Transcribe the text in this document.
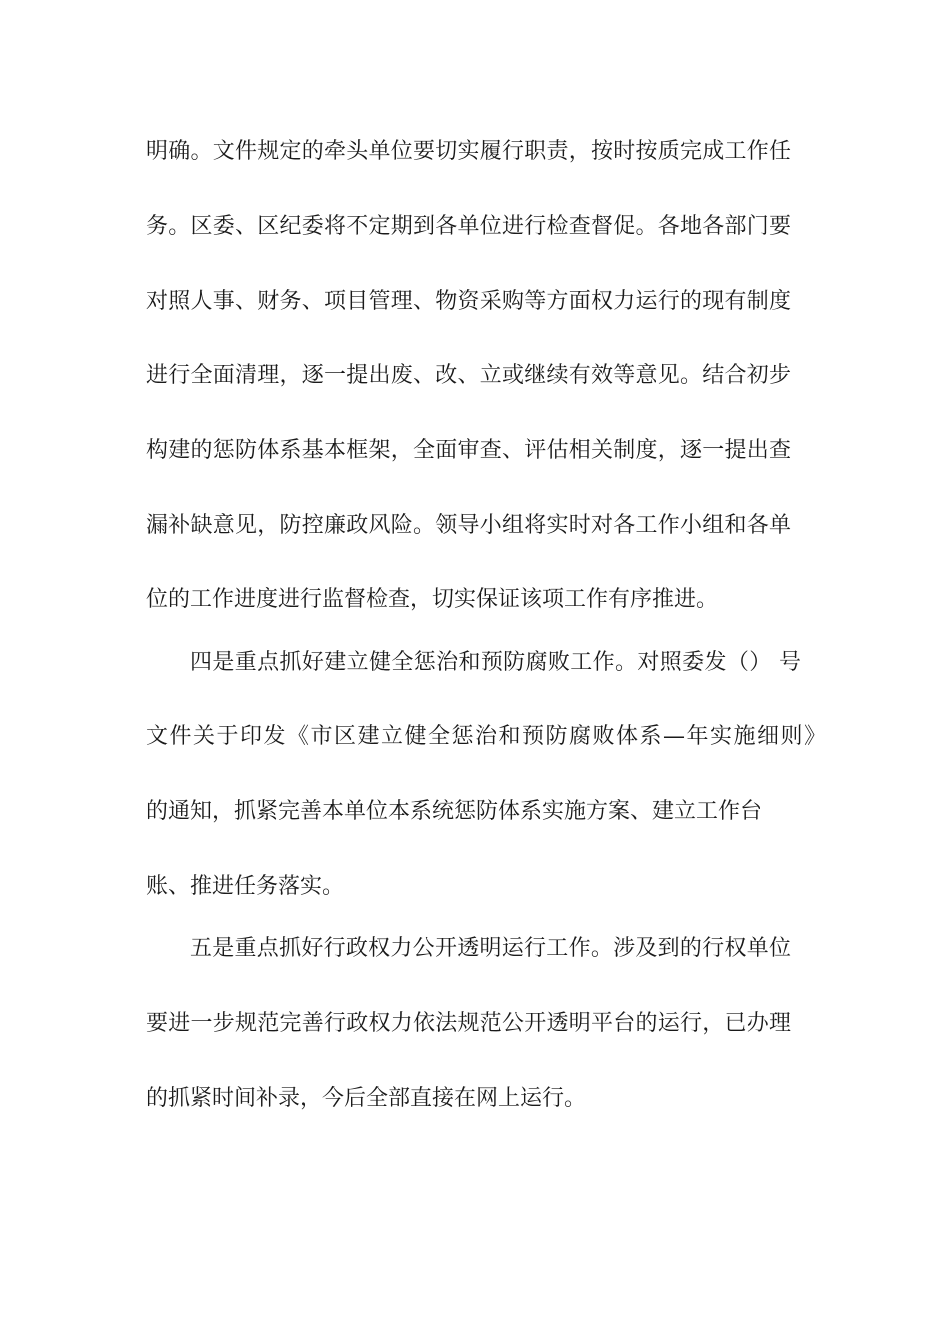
明确。文件规定的牵头单位要切实履行职责，按时按质完成工作任

务。区委、区纪委将不定期到各单位进行检查督促。各地各部门要

对照人事、财务、项目管理、物资采购等方面权力运行的现有制度

进行全面清理，逐一提出废、改、立或继续有效等意见。结合初步

构建的惩防体系基本框架，全面审查、评估相关制度，逐一提出查

漏补缺意见，防控廉政风险。领导小组将实时对各工作小组和各单

位的工作进度进行监督检查，切实保证该项工作有序推进。

四是重点抓好建立健全惩治和预防腐败工作。对照委发（） 号

文件关于印发《市区建立健全惩治和预防腐败体系—年实施细则》

的通知，抓紧完善本单位本系统惩防体系实施方案、建立工作台

账、推进任务落实。

五是重点抓好行政权力公开透明运行工作。涉及到的行权单位

要进一步规范完善行政权力依法规范公开透明平台的运行，已办理

的抓紧时间补录，今后全部直接在网上运行。
